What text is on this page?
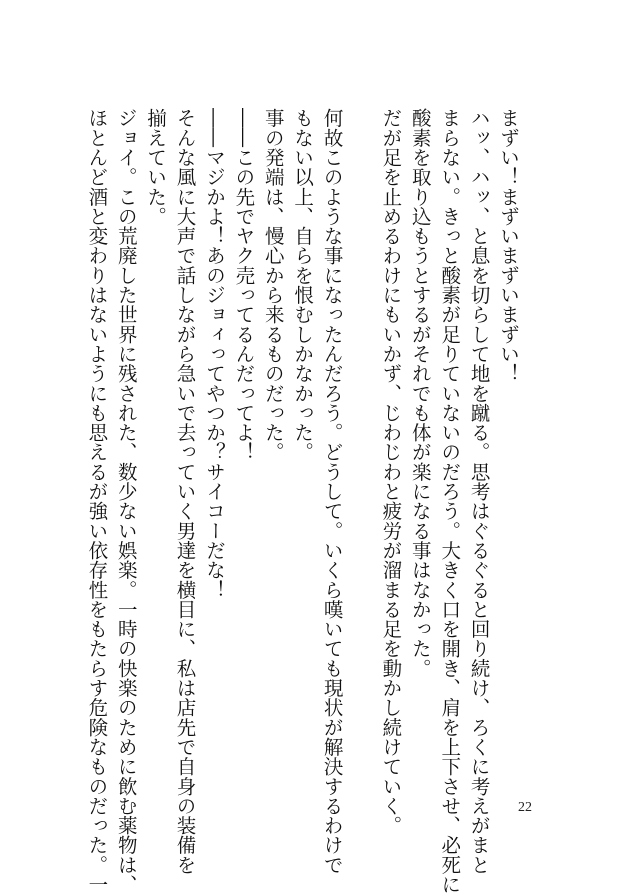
まずい！まずいまずいまずい！
ハッ、ハッ、と息を切らして地を蹴る。思考はぐるぐると回り続け、ろくに考えがまと
まらない。きっと酸素が足りていないのだろう。大きく口を開き、肩を上下させ、必死に
酸素を取り込もうとするがそれでも体が楽になる事はなかった。
だが足を止めるわけにもいかず、じわじわと疲労が溜まる足を動かし続けていく。
何故このような事になったんだろう。どうして。いくら嘆いても現状が解決するわけで
もない以上、自らを恨むしかなかった。
事の発端は、慢心から来るものだった。
――この先でヤク売ってるんだってよ！
――マジかよ！あのジョィってやつか？サイコーだな！
そんな風に大声で話しながら急いで去っていく男達を横目に、私は店先で自身の装備を
揃えていた。
ジョイ。この荒廃した世界に残された、数少ない娯楽。一時の快楽のために飲む薬物は、
ほとんど酒と変わりはないようにも思えるが強い依存性をもたらす危険なものだった。一	22
